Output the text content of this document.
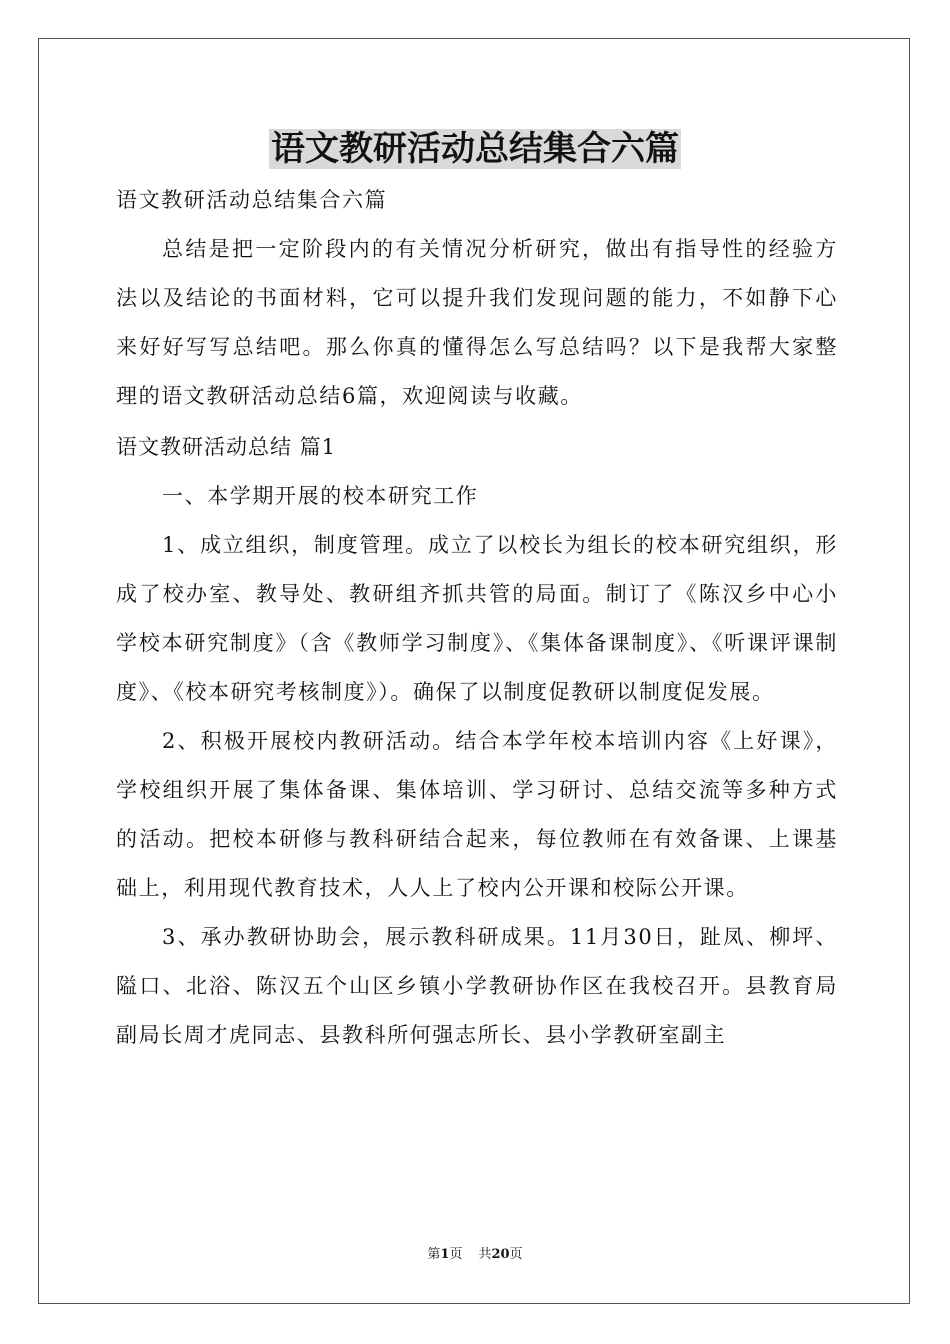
语文教研活动总结集合六篇

语文教研活动总结集合六篇

总结是把一定阶段内的有关情况分析研究，做出有指导性的经验方法以及结论的书面材料，它可以提升我们发现问题的能力，不如静下心来好好写写总结吧。那么你真的懂得怎么写总结吗？以下是我帮大家整理的语文教研活动总结6篇，欢迎阅读与收藏。

语文教研活动总结 篇1

一、本学期开展的校本研究工作

1、成立组织，制度管理。成立了以校长为组长的校本研究组织，形成了校办室、教导处、教研组齐抓共管的局面。制订了《陈汉乡中心小学校本研究制度》（含《教师学习制度》、《集体备课制度》、《听课评课制度》、《校本研究考核制度》）。确保了以制度促教研以制度促发展。

2、积极开展校内教研活动。结合本学年校本培训内容《上好课》，学校组织开展了集体备课、集体培训、学习研讨、总结交流等多种方式的活动。把校本研修与教科研结合起来，每位教师在有效备课、上课基础上，利用现代教育技术，人人上了校内公开课和校际公开课。

3、承办教研协助会，展示教科研成果。11月30日，趾凤、柳坪、隘口、北浴、陈汉五个山区乡镇小学教研协作区在我校召开。县教育局副局长周才虎同志、县教科所何强志所长、县小学教研室副主

第1页 共20页
